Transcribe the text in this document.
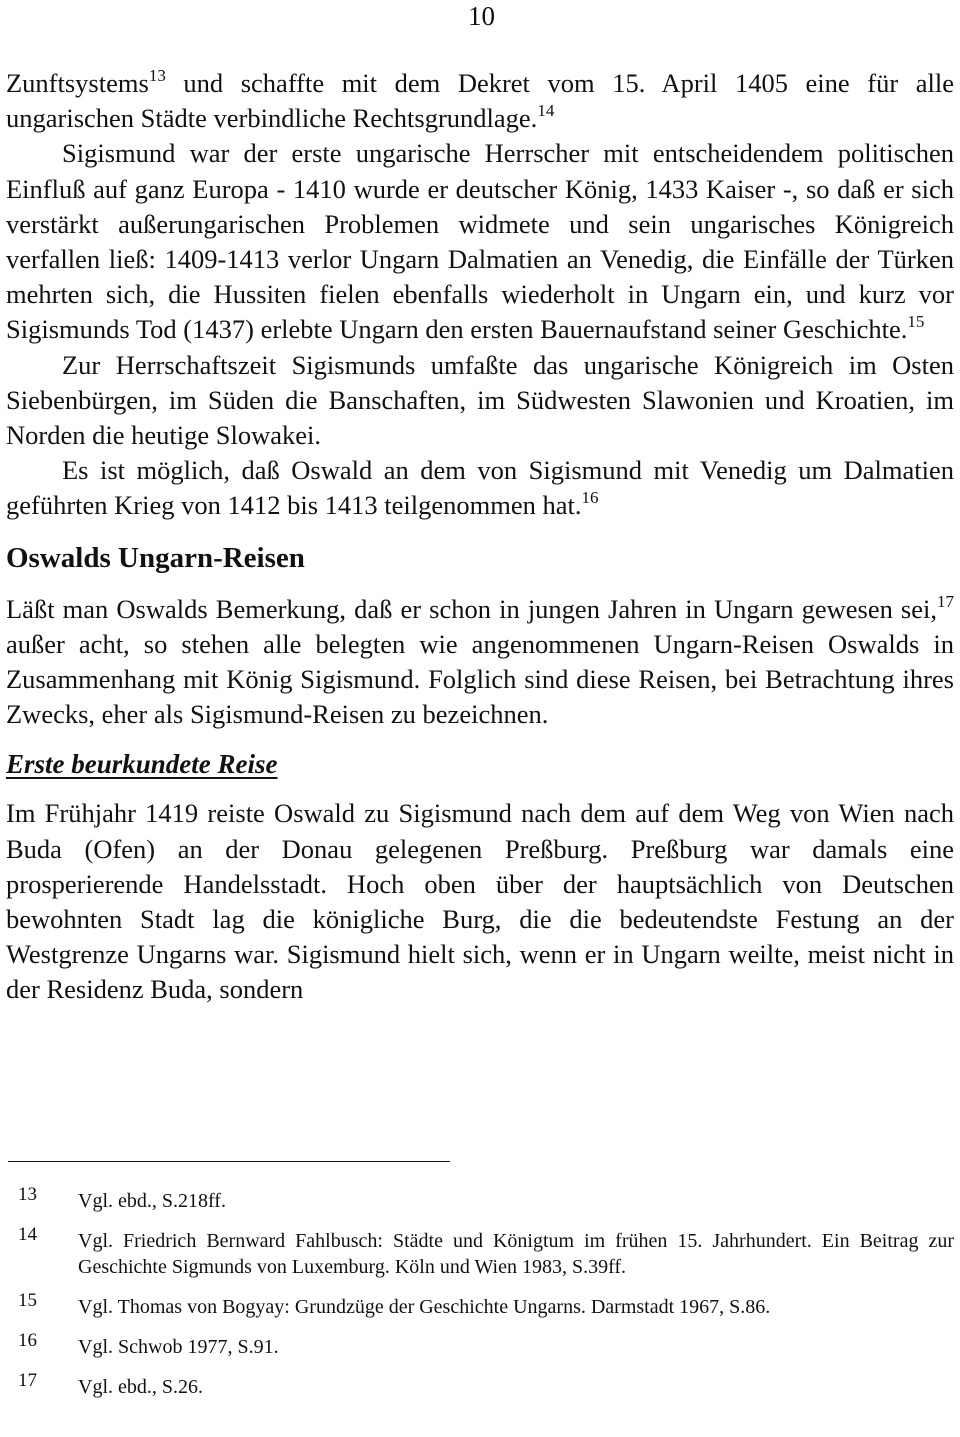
10

Zunftsystems$^{13}$ und schaffte mit dem Dekret vom 15. April 1405 eine für alle ungarischen Städte verbindliche Rechtsgrundlage.$^{14}$

Sigismund war der erste ungarische Herrscher mit entscheidendem politischen Einfluß auf ganz Europa - 1410 wurde er deutscher König, 1433 Kaiser -, so daß er sich verstärkt außerungarischen Problemen widmete und sein ungarisches Königreich verfallen ließ: 1409-1413 verlor Ungarn Dalmatien an Venedig, die Einfälle der Türken mehrten sich, die Hussiten fielen ebenfalls wiederholt in Ungarn ein, und kurz vor Sigismunds Tod (1437) erlebte Ungarn den ersten Bauernaufstand seiner Geschichte.$^{15}$

Zur Herrschaftszeit Sigismunds umfaßte das ungarische Königreich im Osten Siebenbürgen, im Süden die Banschaften, im Südwesten Slawonien und Kroatien, im Norden die heutige Slowakei.

Es ist möglich, daß Oswald an dem von Sigismund mit Venedig um Dalmatien geführten Krieg von 1412 bis 1413 teilgenommen hat.$^{16}$

Oswalds Ungarn-Reisen

Läßt man Oswalds Bemerkung, daß er schon in jungen Jahren in Ungarn gewesen sei,$^{17}$ außer acht, so stehen alle belegten wie angenommenen Ungarn-Reisen Oswalds in Zusammenhang mit König Sigismund. Folglich sind diese Reisen, bei Betrachtung ihres Zwecks, eher als Sigismund-Reisen zu bezeichnen.

Erste beurkundete Reise

Im Frühjahr 1419 reiste Oswald zu Sigismund nach dem auf dem Weg von Wien nach Buda (Ofen) an der Donau gelegenen Preßburg. Preßburg war damals eine prosperierende Handelsstadt. Hoch oben über der hauptsächlich von Deutschen bewohnten Stadt lag die königliche Burg, die die bedeutendste Festung an der Westgrenze Ungarns war. Sigismund hielt sich, wenn er in Ungarn weilte, meist nicht in der Residenz Buda, sondern

13 Vgl. ebd., S.218ff.
14 Vgl. Friedrich Bernward Fahlbusch: Städte und Königtum im frühen 15. Jahrhundert. Ein Beitrag zur Geschichte Sigmunds von Luxemburg. Köln und Wien 1983, S.39ff.
15 Vgl. Thomas von Bogyay: Grundzüge der Geschichte Ungarns. Darmstadt 1967, S.86.
16 Vgl. Schwob 1977, S.91.
17 Vgl. ebd., S.26.
